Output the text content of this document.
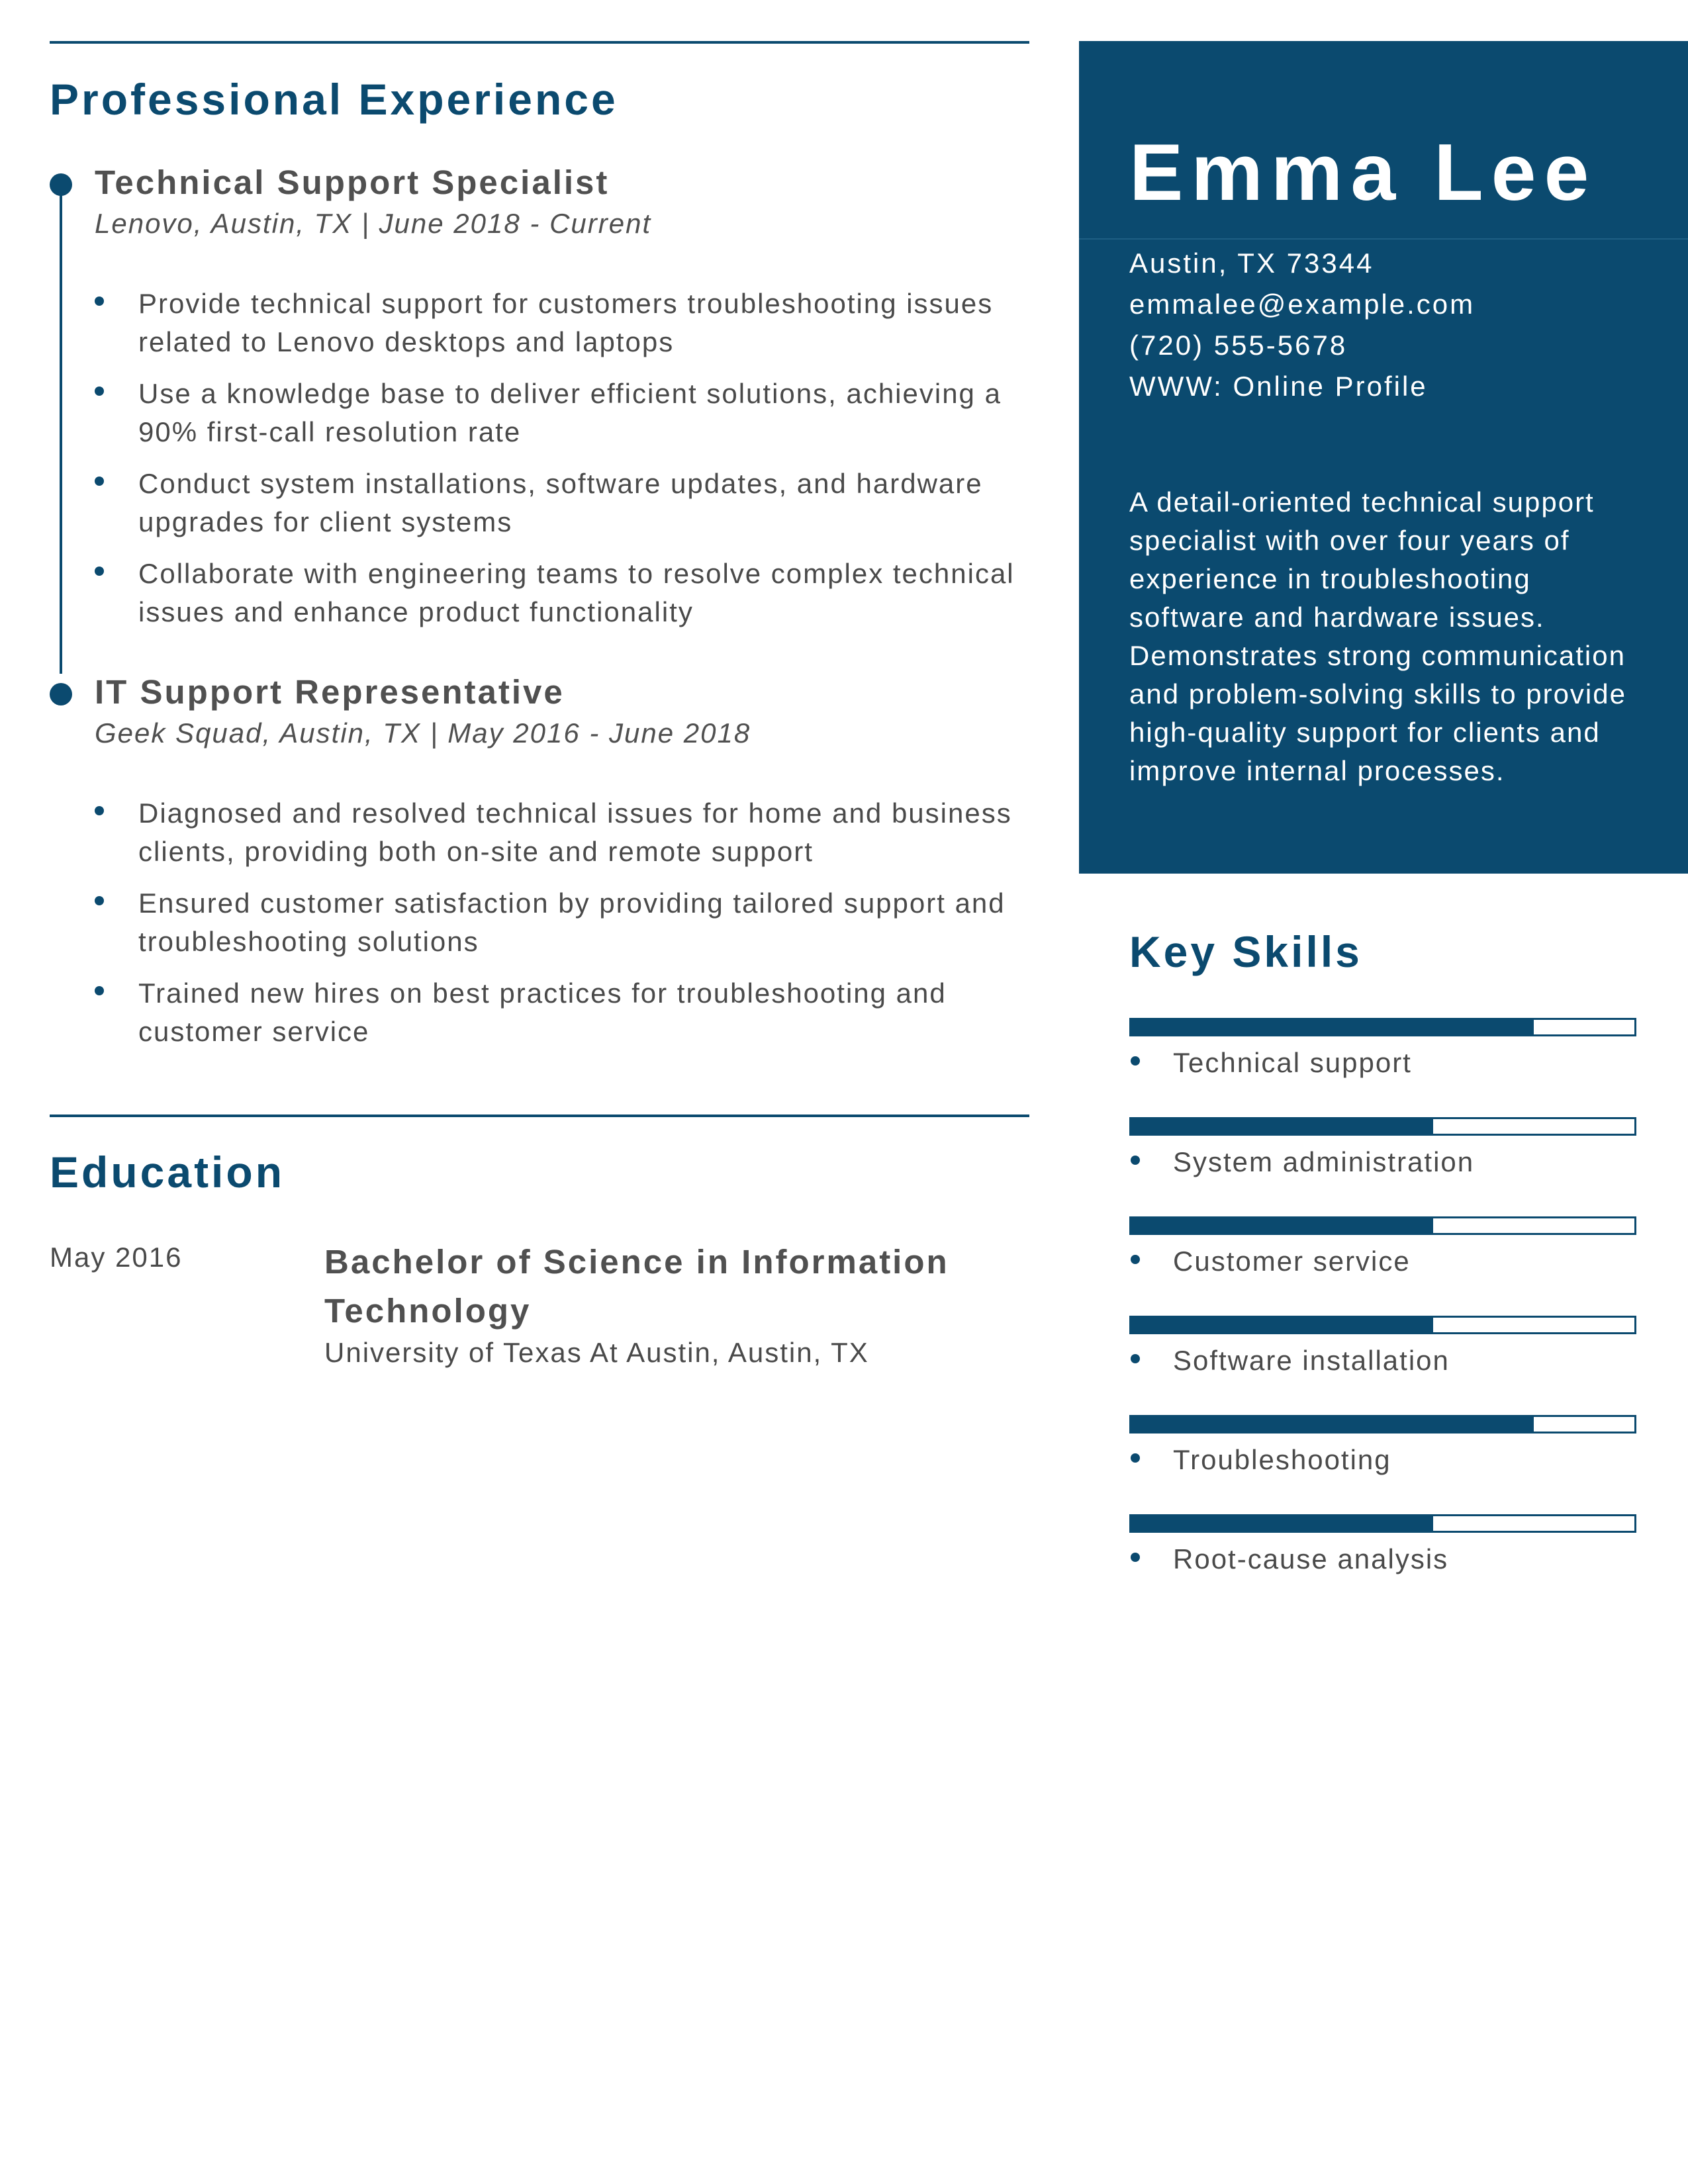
Professional Experience
Technical Support Specialist
Lenovo, Austin, TX | June 2018 - Current
Provide technical support for customers troubleshooting issues related to Lenovo desktops and laptops
Use a knowledge base to deliver efficient solutions, achieving a 90% first-call resolution rate
Conduct system installations, software updates, and hardware upgrades for client systems
Collaborate with engineering teams to resolve complex technical issues and enhance product functionality
IT Support Representative
Geek Squad, Austin, TX | May 2016 - June 2018
Diagnosed and resolved technical issues for home and business clients, providing both on-site and remote support
Ensured customer satisfaction by providing tailored support and troubleshooting solutions
Trained new hires on best practices for troubleshooting and customer service
Education
May 2016	Bachelor of Science in Information Technology
University of Texas At Austin, Austin, TX
Emma Lee
Austin, TX 73344
emmalee@example.com
(720) 555-5678
WWW: Online Profile
A detail-oriented technical support specialist with over four years of experience in troubleshooting software and hardware issues. Demonstrates strong communication and problem-solving skills to provide high-quality support for clients and improve internal processes.
Key Skills
Technical support
System administration
Customer service
Software installation
Troubleshooting
Root-cause analysis
